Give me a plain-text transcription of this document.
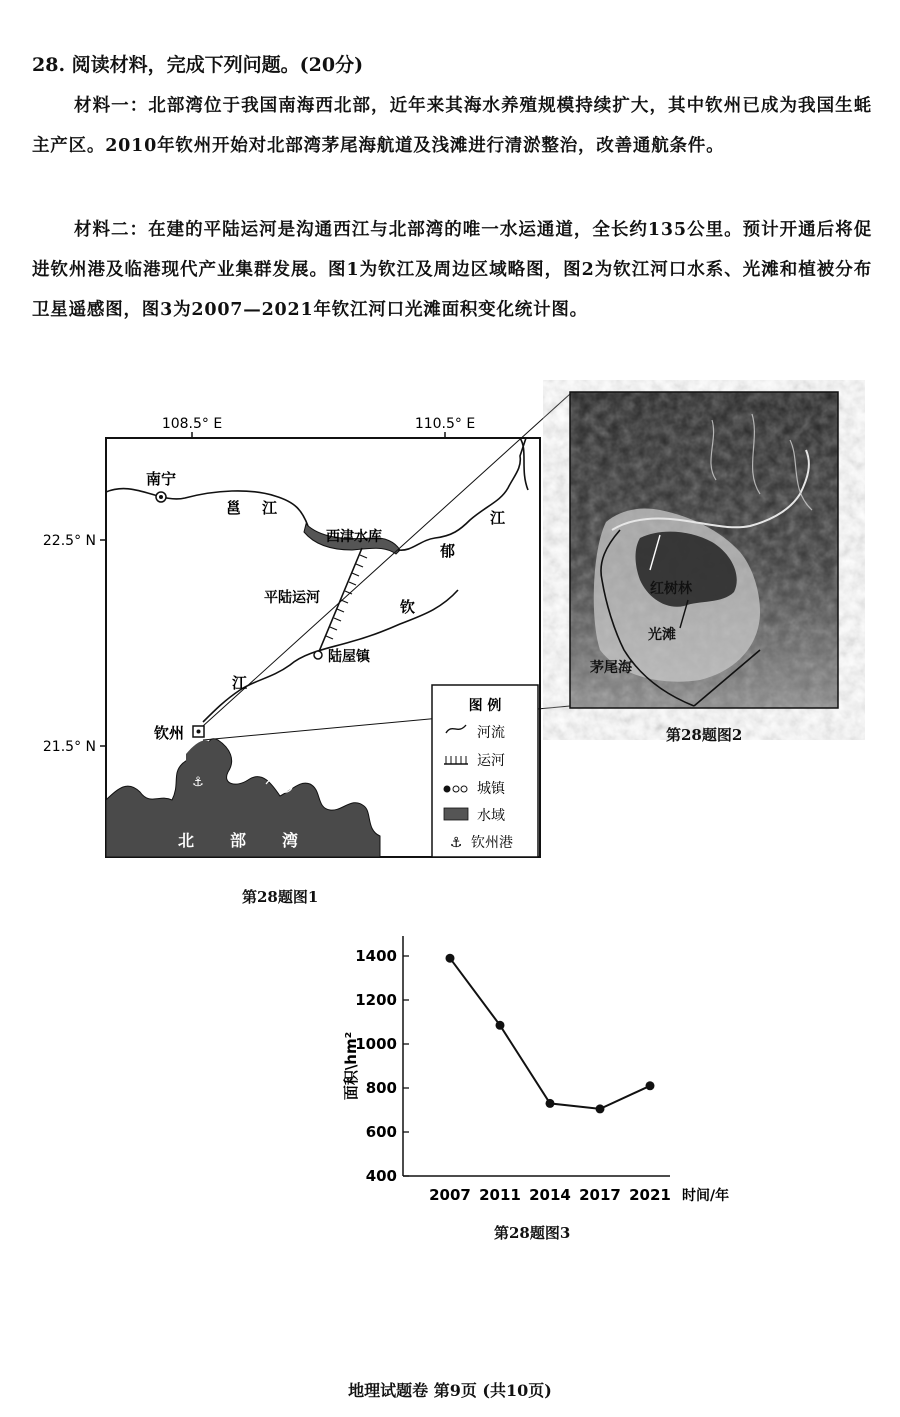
28. 阅读材料，完成下列问题。(20分)
材料一：北部湾位于我国南海西北部，近年来其海水养殖规模持续扩大，其中钦州已成为我国生蚝主产区。2010年钦州开始对北部湾茅尾海航道及浅滩进行清淤整治，改善通航条件。
材料二：在建的平陆运河是沟通西江与北部湾的唯一水运通道，全长约135公里。预计开通后将促进钦州港及临港现代产业集群发展。图1为钦江及周边区域略图，图2为钦江河口水系、光滩和植被分布卫星遥感图，图3为2007—2021年钦江河口光滩面积变化统计图。
108.5° E	110.5° E
22.5° N
21.5° N
⚓
南宁
邕 江
西津水库
郁
江
平陆运河	钦
江
陆屋镇
钦州
北 部 湾
图 例
河流
运河
城镇
水域
⚓ 钦州港
红树林
光滩
茅尾海
第28题图1
第28题图2
400
600
800
1000
1200
1400
2007 2011 2014 2017 2021 时间/年
面积\hm²
第28题图3
地理试题卷 第9页 (共10页)
